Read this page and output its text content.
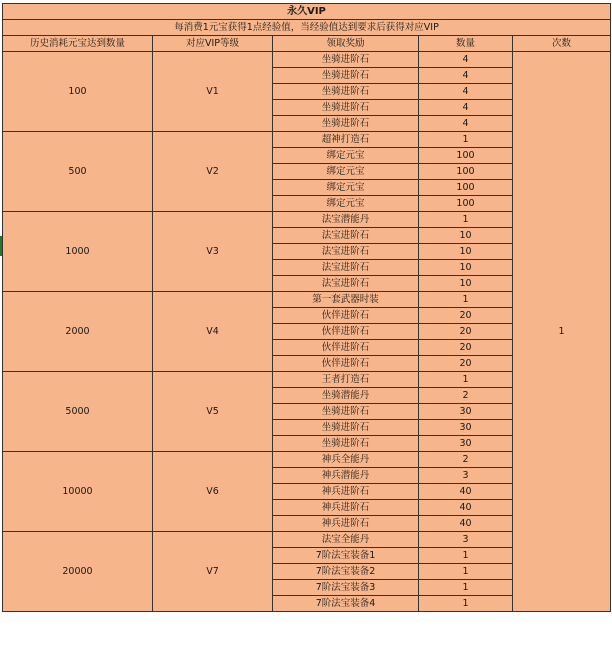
永久VIP				
每消费1元宝获得1点经验值，当经验值达到要求后获得对应VIP				
历史消耗元宝达到数量	对应VIP等级	领取奖励	数量	次数
100	V1	坐骑进阶石	4	1
		坐骑进阶石	4	
		坐骑进阶石	4	
		坐骑进阶石	4	
		坐骑进阶石	4	
500	V2	超神打造石	1	
		绑定元宝	100	
		绑定元宝	100	
		绑定元宝	100	
		绑定元宝	100	
1000	V3	法宝潜能丹	1	
		法宝进阶石	10	
		法宝进阶石	10	
		法宝进阶石	10	
		法宝进阶石	10	
2000	V4	第一套武器时装	1	
		伙伴进阶石	20	
		伙伴进阶石	20	
		伙伴进阶石	20	
		伙伴进阶石	20	
5000	V5	王者打造石	1	
		坐骑潜能丹	2	
		坐骑进阶石	30	
		坐骑进阶石	30	
		坐骑进阶石	30	
10000	V6	神兵全能丹	2	
		神兵潜能丹	3	
		神兵进阶石	40	
		神兵进阶石	40	
		神兵进阶石	40	
20000	V7	法宝全能丹	3	
		7阶法宝装备1	1	
		7阶法宝装备2	1	
		7阶法宝装备3	1	
		7阶法宝装备4	1	
